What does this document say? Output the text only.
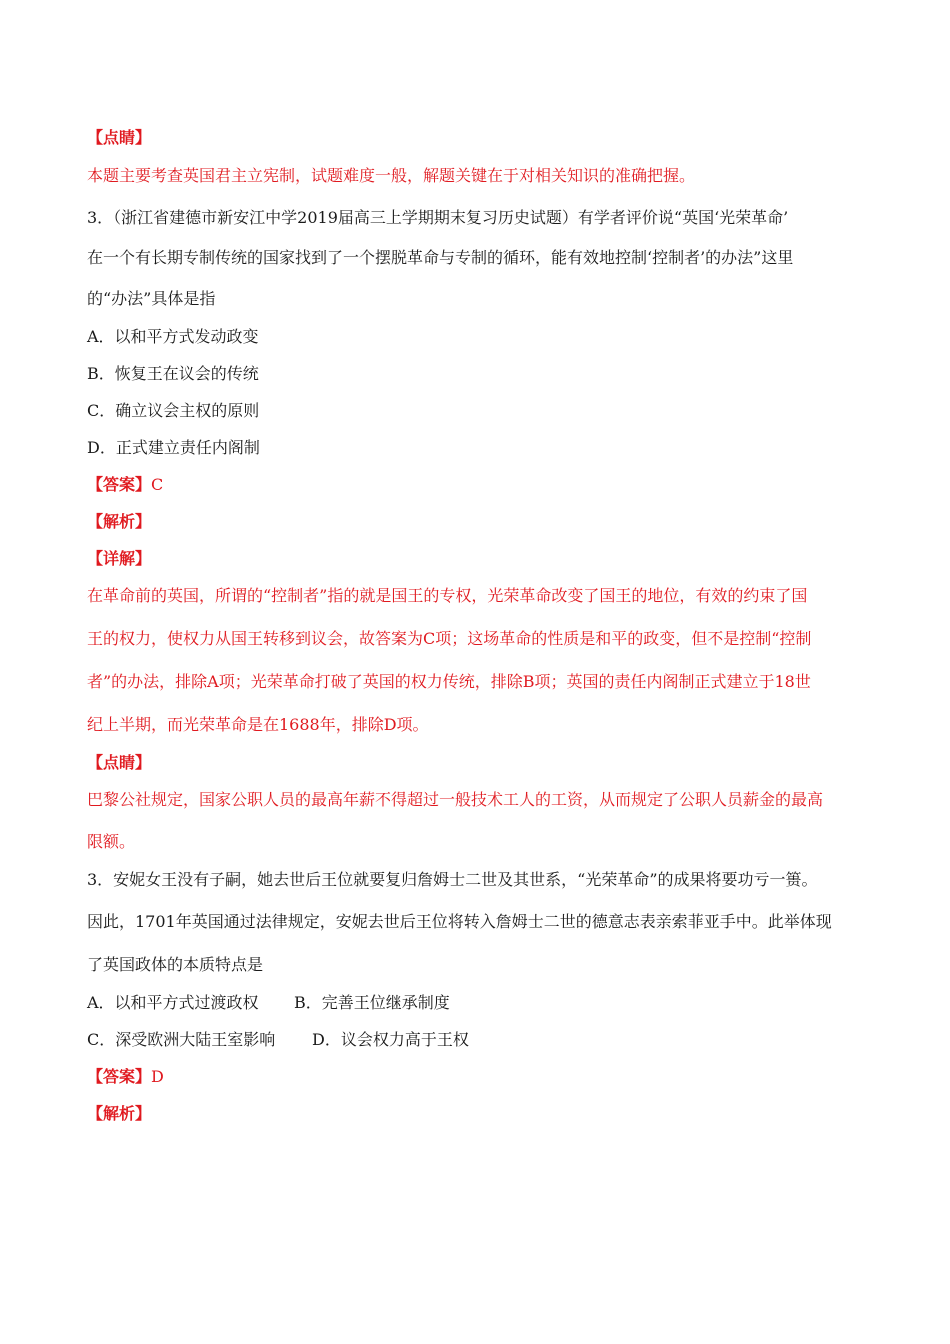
【点睛】
本题主要考查英国君主立宪制，试题难度一般，解题关键在于对相关知识的准确把握。
3．（浙江省建德市新安江中学2019届高三上学期期末复习历史试题）有学者评价说“英国‘光荣革命’
在一个有长期专制传统的国家找到了一个摆脱革命与专制的循环，能有效地控制‘控制者’的办法”这里
的“办法”具体是指
A．以和平方式发动政变
B．恢复王在议会的传统
C．确立议会主权的原则
D．正式建立责任内阁制
【答案】C
【解析】
【详解】
在革命前的英国，所谓的“控制者”指的就是国王的专权，光荣革命改变了国王的地位，有效的约束了国
王的权力，使权力从国王转移到议会，故答案为C项；这场革命的性质是和平的政变，但不是控制“控制
者”的办法，排除A项；光荣革命打破了英国的权力传统，排除B项；英国的责任内阁制正式建立于18世
纪上半期，而光荣革命是在1688年，排除D项。
【点睛】
巴黎公社规定，国家公职人员的最高年薪不得超过一般技术工人的工资，从而规定了公职人员薪金的最高
限额。
3．安妮女王没有子嗣，她去世后王位就要复归詹姆士二世及其世系，“光荣革命”的成果将要功亏一篑。
因此，1701年英国通过法律规定，安妮去世后王位将转入詹姆士二世的德意志表亲索菲亚手中。此举体现
了英国政体的本质特点是
A．以和平方式过渡政权 B．完善王位继承制度
C．深受欧洲大陆王室影响 D．议会权力高于王权
【答案】D
【解析】
